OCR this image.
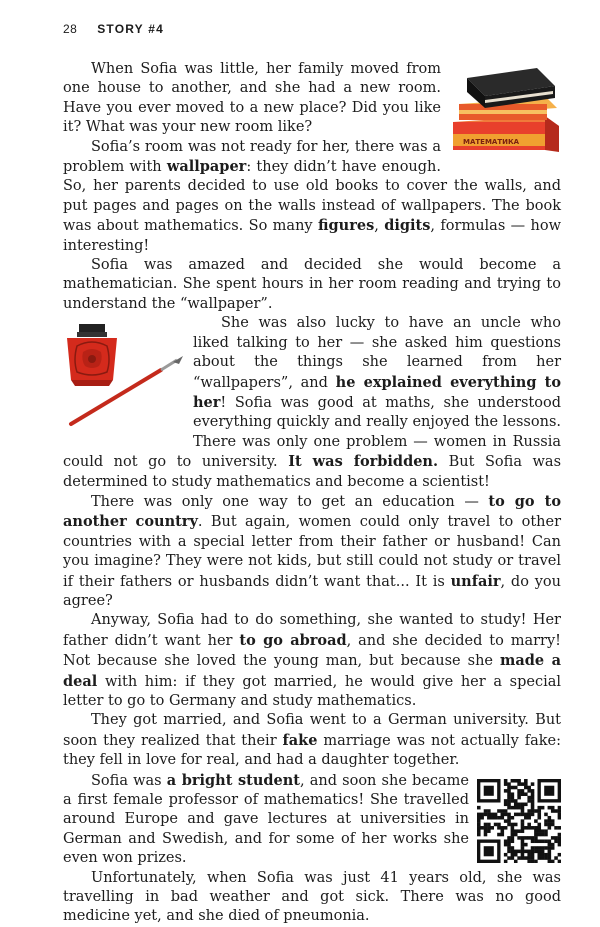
28 STORY #4
МАТЕМАТИКА

When Sofia was little, her family moved from one house to another, and she had a new room. Have you ever moved to a new place? Did you like it? What was your new room like?

Sofia’s room was not ready for her, there was a problem with wallpaper: they didn’t have enough. So, her parents decided to use old books to cover the walls, and put pages and pages on the walls instead of wallpapers. The book was about mathematics. So many figures, digits, formulas — how interesting!

Sofia was amazed and decided she would become a mathematician. She spent hours in her room reading and trying to understand the “wallpaper”.

She was also lucky to have an uncle who liked talking to her — she asked him questions about the things she learned from her “wallpapers”, and he explained everything to her! Sofia was good at maths, she understood everything quickly and really enjoyed the lessons. There was only one problem — women in Russia could not go to university. It was forbidden. But Sofia was determined to study mathematics and become a scientist!

There was only one way to get an education — to go to another country. But again, women could only travel to other countries with a special letter from their father or husband! Can you imagine? They were not kids, but still could not study or travel if their fathers or husbands didn’t want that... It is unfair, do you agree?

Anyway, Sofia had to do something, she wanted to study! Her father didn’t want her to go abroad, and she decided to marry! Not because she loved the young man, but because she made a deal with him: if they got married, he would give her a special letter to go to Germany and study mathematics.

They got married, and Sofia went to a German university. But soon they realized that their fake marriage was not actually fake: they fell in love for real, and had a daughter together.

Sofia was a bright student, and soon she became a first female professor of mathematics! She travelled around Europe and gave lectures at universities in German and Swedish, and for some of her works she even won prizes.

Unfortunately, when Sofia was just 41 years old, she was travelling in bad weather and got sick. There was no good medicine yet, and she died of pneumonia.
